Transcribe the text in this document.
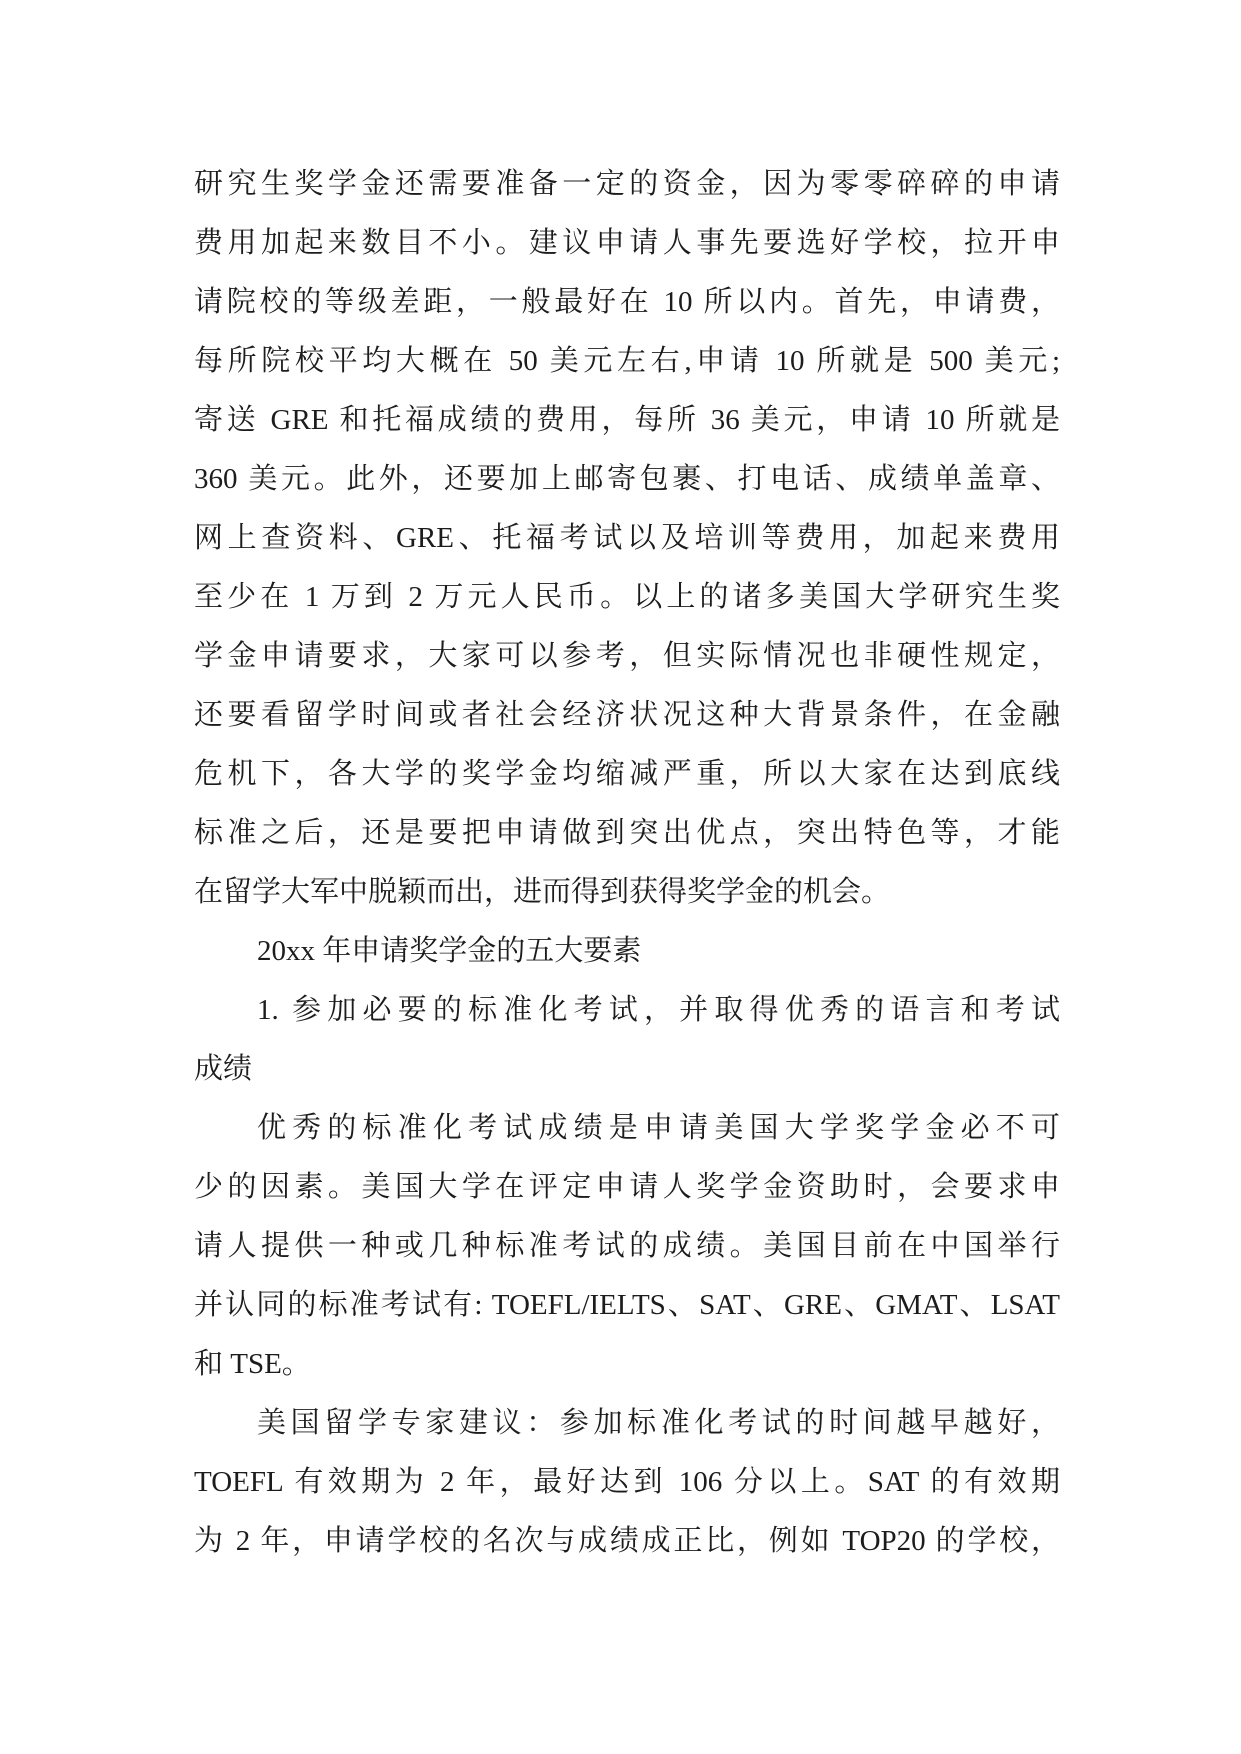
研究生奖学金还需要准备一定的资金，因为零零碎碎的申请
费用加起来数目不小。建议申请人事先要选好学校，拉开申
请院校的等级差距，一般最好在 10 所以内。首先，申请费，
每所院校平均大概在 50 美元左右,申请 10 所就是 500 美元;
寄送 GRE 和托福成绩的费用，每所 36 美元，申请 10 所就是
360 美元。此外，还要加上邮寄包裹、打电话、成绩单盖章、
网上查资料、GRE、托福考试以及培训等费用，加起来费用
至少在 1 万到 2 万元人民币。以上的诸多美国大学研究生奖
学金申请要求，大家可以参考，但实际情况也非硬性规定，
还要看留学时间或者社会经济状况这种大背景条件，在金融
危机下，各大学的奖学金均缩减严重，所以大家在达到底线
标准之后，还是要把申请做到突出优点，突出特色等，才能
在留学大军中脱颖而出，进而得到获得奖学金的机会。
20xx 年申请奖学金的五大要素
1. 参加必要的标准化考试，并取得优秀的语言和考试
成绩
优秀的标准化考试成绩是申请美国大学奖学金必不可
少的因素。美国大学在评定申请人奖学金资助时，会要求申
请人提供一种或几种标准考试的成绩。美国目前在中国举行
并认同的标准考试有: TOEFL/IELTS、SAT、GRE、GMAT、LSAT
和 TSE。
美国留学专家建议：参加标准化考试的时间越早越好，
TOEFL 有效期为 2 年，最好达到 106 分以上。SAT 的有效期
为 2 年，申请学校的名次与成绩成正比，例如 TOP20 的学校，
